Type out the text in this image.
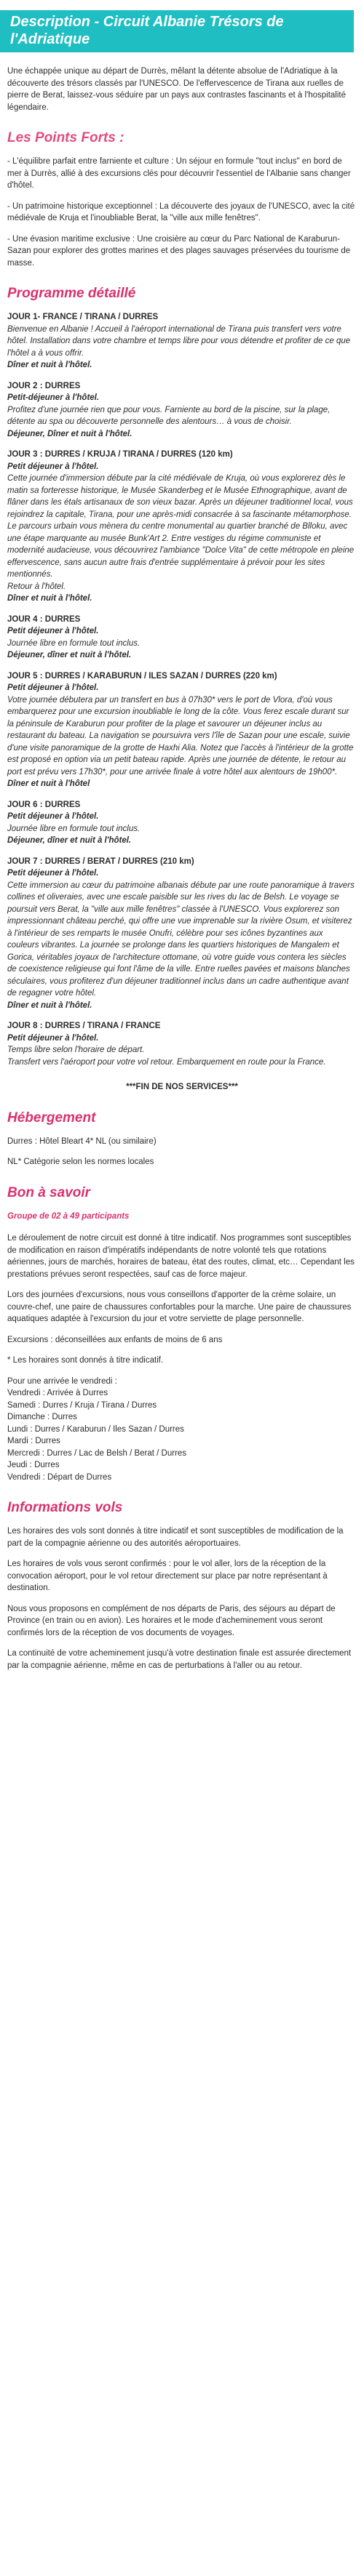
Description - Circuit Albanie Trésors de l'Adriatique

Une échappée unique au départ de Durrès, mêlant la détente absolue de l'Adriatique à la découverte des trésors classés par l'UNESCO. De l'effervescence de Tirana aux ruelles de pierre de Berat, laissez-vous séduire par un pays aux contrastes fascinants et à l'hospitalité légendaire.

Les Points Forts :

- L'équilibre parfait entre farniente et culture : Un séjour en formule "tout inclus" en bord de mer à Durrès, allié à des excursions clés pour découvrir l'essentiel de l'Albanie sans changer d'hôtel.

- Un patrimoine historique exceptionnel : La découverte des joyaux de l'UNESCO, avec la cité médiévale de Kruja et l'inoubliable Berat, la "ville aux mille fenêtres".

- Une évasion maritime exclusive : Une croisière au cœur du Parc National de Karaburun-Sazan pour explorer des grottes marines et des plages sauvages préservées du tourisme de masse.

Programme détaillé
JOUR 1- FRANCE / TIRANA / DURRES
Bienvenue en Albanie ! Accueil à l'aéroport international de Tirana puis transfert vers votre hôtel. Installation dans votre chambre et temps libre pour vous détendre et profiter de ce que l'hôtel a à vous offrir.
Dîner et nuit à l'hôtel.
JOUR 2 : DURRES
Petit-déjeuner à l'hôtel.
Profitez d'une journée rien que pour vous. Farniente au bord de la piscine, sur la plage, détente au spa ou découverte personnelle des alentours… à vous de choisir.
Déjeuner, Dîner et nuit à l'hôtel.
JOUR 3 : DURRES / KRUJA / TIRANA / DURRES (120 km)
Petit déjeuner à l'hôtel.
Cette journée d'immersion débute par la cité médiévale de Kruja, où vous explorerez dès le matin sa forteresse historique, le Musée Skanderbeg et le Musée Ethnographique, avant de flâner dans les étals artisanaux de son vieux bazar. Après un déjeuner traditionnel local, vous rejoindrez la capitale, Tirana, pour une après-midi consacrée à sa fascinante métamorphose. Le parcours urbain vous mènera du centre monumental au quartier branché de Blloku, avec une étape marquante au musée Bunk'Art 2. Entre vestiges du régime communiste et modernité audacieuse, vous découvrirez l'ambiance "Dolce Vita" de cette métropole en pleine effervescence, sans aucun autre frais d'entrée supplémentaire à prévoir pour les sites mentionnés.
Retour à l'hôtel.
Dîner et nuit à l'hôtel.
JOUR 4 : DURRES
Petit déjeuner à l'hôtel.
Journée libre en formule tout inclus.
Déjeuner, dîner et nuit à l'hôtel.
JOUR 5 : DURRES / KARABURUN / ILES SAZAN / DURRES (220 km)
Petit déjeuner à l'hôtel.
Votre journée débutera par un transfert en bus à 07h30* vers le port de Vlora, d'où vous embarquerez pour une excursion inoubliable le long de la côte. Vous ferez escale durant sur la péninsule de Karaburun pour profiter de la plage et savourer un déjeuner inclus au restaurant du bateau. La navigation se poursuivra vers l'île de Sazan pour une escale, suivie d'une visite panoramique de la grotte de Haxhi Alia. Notez que l'accès à l'intérieur de la grotte est proposé en option via un petit bateau rapide. Après une journée de détente, le retour au port est prévu vers 17h30*, pour une arrivée finale à votre hôtel aux alentours de 19h00*.
Dîner et nuit à l'hôtel
JOUR 6 : DURRES
Petit déjeuner à l'hôtel.
Journée libre en formule tout inclus.
Déjeuner, dîner et nuit à l'hôtel.
JOUR 7 : DURRES / BERAT / DURRES (210 km)
Petit déjeuner à l'hôtel.
Cette immersion au cœur du patrimoine albanais débute par une route panoramique à travers collines et oliveraies, avec une escale paisible sur les rives du lac de Belsh. Le voyage se poursuit vers Berat, la "ville aux mille fenêtres" classée à l'UNESCO. Vous explorerez son impressionnant château perché, qui offre une vue imprenable sur la rivière Osum, et visiterez à l'intérieur de ses remparts le musée Onufri, célèbre pour ses icônes byzantines aux couleurs vibrantes. La journée se prolonge dans les quartiers historiques de Mangalem et Gorica, véritables joyaux de l'architecture ottomane, où votre guide vous contera les siècles de coexistence religieuse qui font l'âme de la ville. Entre ruelles pavées et maisons blanches séculaires, vous profiterez d'un déjeuner traditionnel inclus dans un cadre authentique avant de regagner votre hôtel.
Dîner et nuit à l'hôtel.
JOUR 8 : DURRES / TIRANA / FRANCE
Petit déjeuner à l'hôtel.
Temps libre selon l'horaire de départ.
Transfert vers l'aéroport pour votre vol retour. Embarquement en route pour la France.
***FIN DE NOS SERVICES***
Hébergement

Durres : Hôtel Bleart 4* NL (ou similaire)

NL* Catégorie selon les normes locales

Bon à savoir
Groupe de 02 à 49 participants

Le déroulement de notre circuit est donné à titre indicatif. Nos programmes sont susceptibles de modification en raison d'impératifs indépendants de notre volonté tels que rotations aériennes, jours de marchés, horaires de bateau, état des routes, climat, etc… Cependant les prestations prévues seront respectées, sauf cas de force majeur.

Lors des journées d'excursions, nous vous conseillons d'apporter de la crème solaire, un couvre-chef, une paire de chaussures confortables pour la marche. Une paire de chaussures aquatiques adaptée à l'excursion du jour et votre serviette de plage personnelle.

Excursions : déconseillées aux enfants de moins de 6 ans

* Les horaires sont donnés à titre indicatif.

Pour une arrivée le vendredi :
Vendredi : Arrivée à Durres
Samedi : Durres / Kruja / Tirana / Durres
Dimanche : Durres
Lundi : Durres / Karaburun / Iles Sazan / Durres
Mardi : Durres
Mercredi : Durres / Lac de Belsh / Berat / Durres
Jeudi : Durres
Vendredi : Départ de Durres
Informations vols

Les horaires des vols sont donnés à titre indicatif et sont susceptibles de modification de la part de la compagnie aérienne ou des autorités aéroportuaires.

Les horaires de vols vous seront confirmés : pour le vol aller, lors de la réception de la convocation aéroport, pour le vol retour directement sur place par notre représentant à destination.

Nous vous proposons en complément de nos départs de Paris, des séjours au départ de Province (en train ou en avion). Les horaires et le mode d'acheminement vous seront confirmés lors de la réception de vos documents de voyages.

La continuité de votre acheminement jusqu'à votre destination finale est assurée directement par la compagnie aérienne, même en cas de perturbations à l'aller ou au retour.
